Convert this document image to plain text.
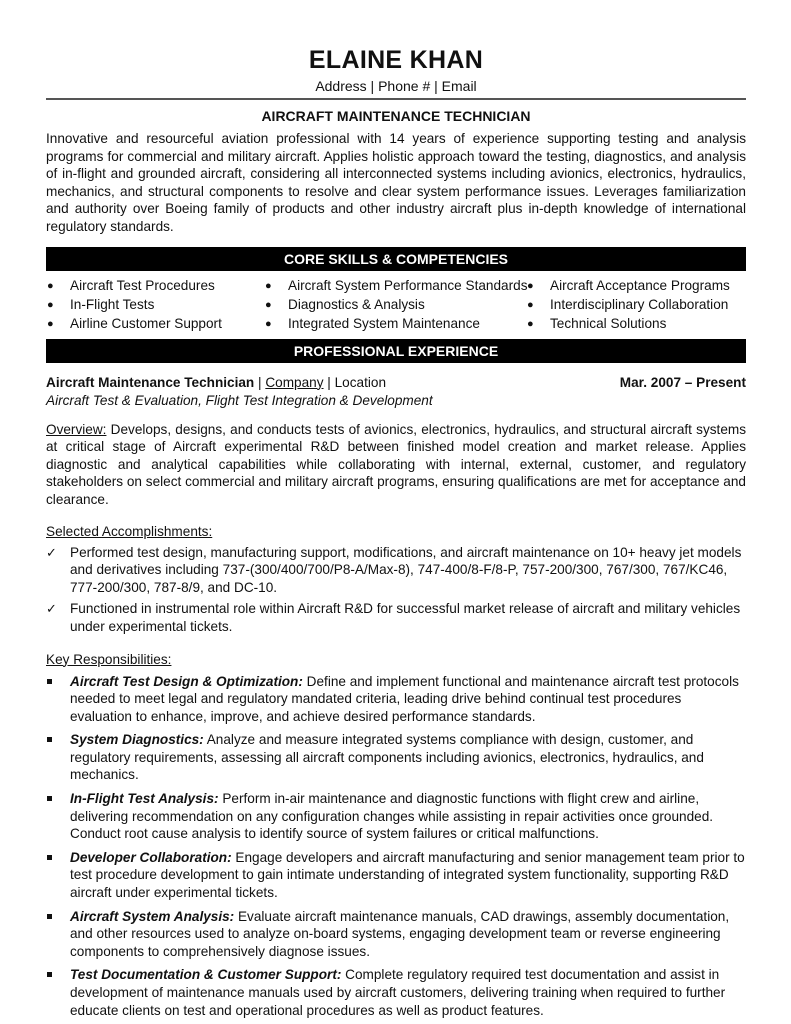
ELAINE KHAN
Address | Phone # | Email
AIRCRAFT MAINTENANCE TECHNICIAN
Innovative and resourceful aviation professional with 14 years of experience supporting testing and analysis programs for commercial and military aircraft. Applies holistic approach toward the testing, diagnostics, and analysis of in-flight and grounded aircraft, considering all interconnected systems including avionics, electronics, hydraulics, mechanics, and structural components to resolve and clear system performance issues. Leverages familiarization and authority over Boeing family of products and other industry aircraft plus in-depth knowledge of international regulatory standards.
CORE SKILLS & COMPETENCIES
● Aircraft Test Procedures	● Aircraft System Performance Standards ● Aircraft Acceptance Programs
● In-Flight Tests	● Diagnostics & Analysis	● Interdisciplinary Collaboration
● Airline Customer Support	● Integrated System Maintenance	● Technical Solutions
PROFESSIONAL EXPERIENCE
Aircraft Maintenance Technician | Company | Location	Mar. 2007 – Present
Aircraft Test & Evaluation, Flight Test Integration & Development
Overview: Develops, designs, and conducts tests of avionics, electronics, hydraulics, and structural aircraft systems at critical stage of Aircraft experimental R&D between finished model creation and market release. Applies diagnostic and analytical capabilities while collaborating with internal, external, customer, and regulatory stakeholders on select commercial and military aircraft programs, ensuring qualifications are met for acceptance and clearance.
Selected Accomplishments:
✓ Performed test design, manufacturing support, modifications, and aircraft maintenance on 10+ heavy jet models and derivatives including 737-(300/400/700/P8-A/Max-8), 747-400/8-F/8-P, 757-200/300, 767/300, 767/KC46, 777-200/300, 787-8/9, and DC-10.
✓ Functioned in instrumental role within Aircraft R&D for successful market release of aircraft and military vehicles under experimental tickets.
Key Responsibilities:
Aircraft Test Design & Optimization: Define and implement functional and maintenance aircraft test protocols needed to meet legal and regulatory mandated criteria, leading drive behind continual test procedures evaluation to enhance, improve, and achieve desired performance standards.
System Diagnostics: Analyze and measure integrated systems compliance with design, customer, and regulatory requirements, assessing all aircraft components including avionics, electronics, hydraulics, and mechanics.
In-Flight Test Analysis: Perform in-air maintenance and diagnostic functions with flight crew and airline, delivering recommendation on any configuration changes while assisting in repair activities once grounded. Conduct root cause analysis to identify source of system failures or critical malfunctions.
Developer Collaboration: Engage developers and aircraft manufacturing and senior management team prior to test procedure development to gain intimate understanding of integrated system functionality, supporting R&D aircraft under experimental tickets.
Aircraft System Analysis: Evaluate aircraft maintenance manuals, CAD drawings, assembly documentation, and other resources used to analyze on-board systems, engaging development team or reverse engineering components to comprehensively diagnose issues.
Test Documentation & Customer Support: Complete regulatory required test documentation and assist in development of maintenance manuals used by aircraft customers, delivering training when required to further educate clients on test and operational procedures as well as product features.
